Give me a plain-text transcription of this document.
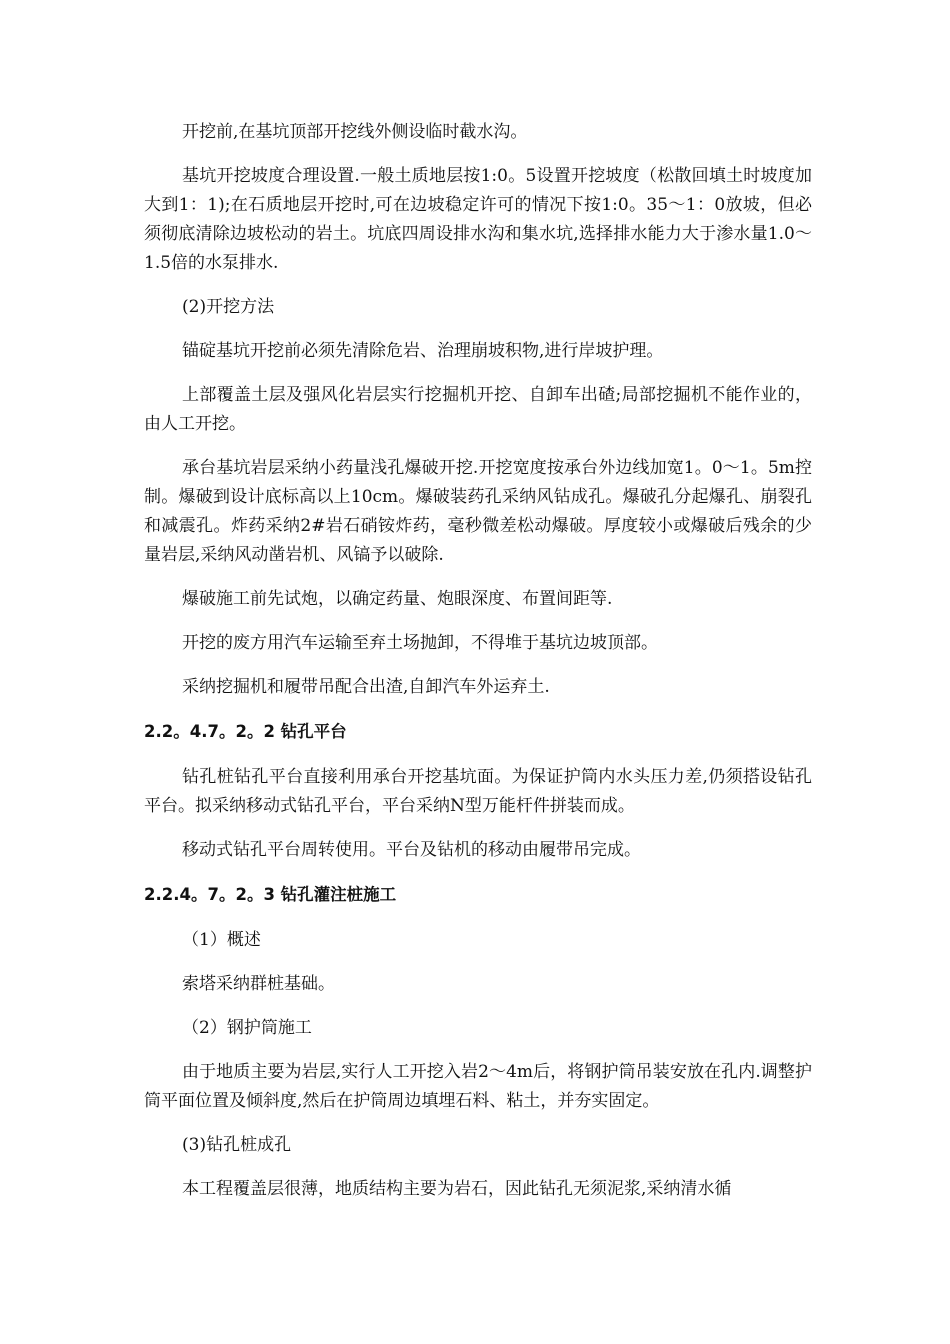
开挖前,在基坑顶部开挖线外侧设临时截水沟。

基坑开挖坡度合理设置.一般土质地层按1:0。5设置开挖坡度（松散回填土时坡度加大到1：1);在石质地层开挖时,可在边坡稳定许可的情况下按1:0。35～1：0放坡，但必须彻底清除边坡松动的岩土。坑底四周设排水沟和集水坑,选择排水能力大于渗水量1.0～1.5倍的水泵排水.

(2)开挖方法

锚碇基坑开挖前必须先清除危岩、治理崩坡积物,进行岸坡护理。

上部覆盖土层及强风化岩层实行挖掘机开挖、自卸车出碴;局部挖掘机不能作业的，由人工开挖。

承台基坑岩层采纳小药量浅孔爆破开挖.开挖宽度按承台外边线加宽1。0～1。5m控制。爆破到设计底标高以上10cm。爆破装药孔采纳风钻成孔。爆破孔分起爆孔、崩裂孔和减震孔。炸药采纳2#岩石硝铵炸药，毫秒微差松动爆破。厚度较小或爆破后残余的少量岩层,采纳风动凿岩机、风镐予以破除.

爆破施工前先试炮，以确定药量、炮眼深度、布置间距等.

开挖的废方用汽车运输至弃土场抛卸，不得堆于基坑边坡顶部。

采纳挖掘机和履带吊配合出渣,自卸汽车外运弃土.

2.2。4.7。2。2 钻孔平台

钻孔桩钻孔平台直接利用承台开挖基坑面。为保证护筒内水头压力差,仍须搭设钻孔平台。拟采纳移动式钻孔平台，平台采纳N型万能杆件拼装而成。

移动式钻孔平台周转使用。平台及钻机的移动由履带吊完成。

2.2.4。7。2。3 钻孔灌注桩施工

（1）概述

索塔采纳群桩基础。

（2）钢护筒施工

由于地质主要为岩层,实行人工开挖入岩2～4m后，将钢护筒吊装安放在孔内.调整护筒平面位置及倾斜度,然后在护筒周边填埋石料、粘土，并夯实固定。

(3)钻孔桩成孔

本工程覆盖层很薄，地质结构主要为岩石，因此钻孔无须泥浆,采纳清水循
